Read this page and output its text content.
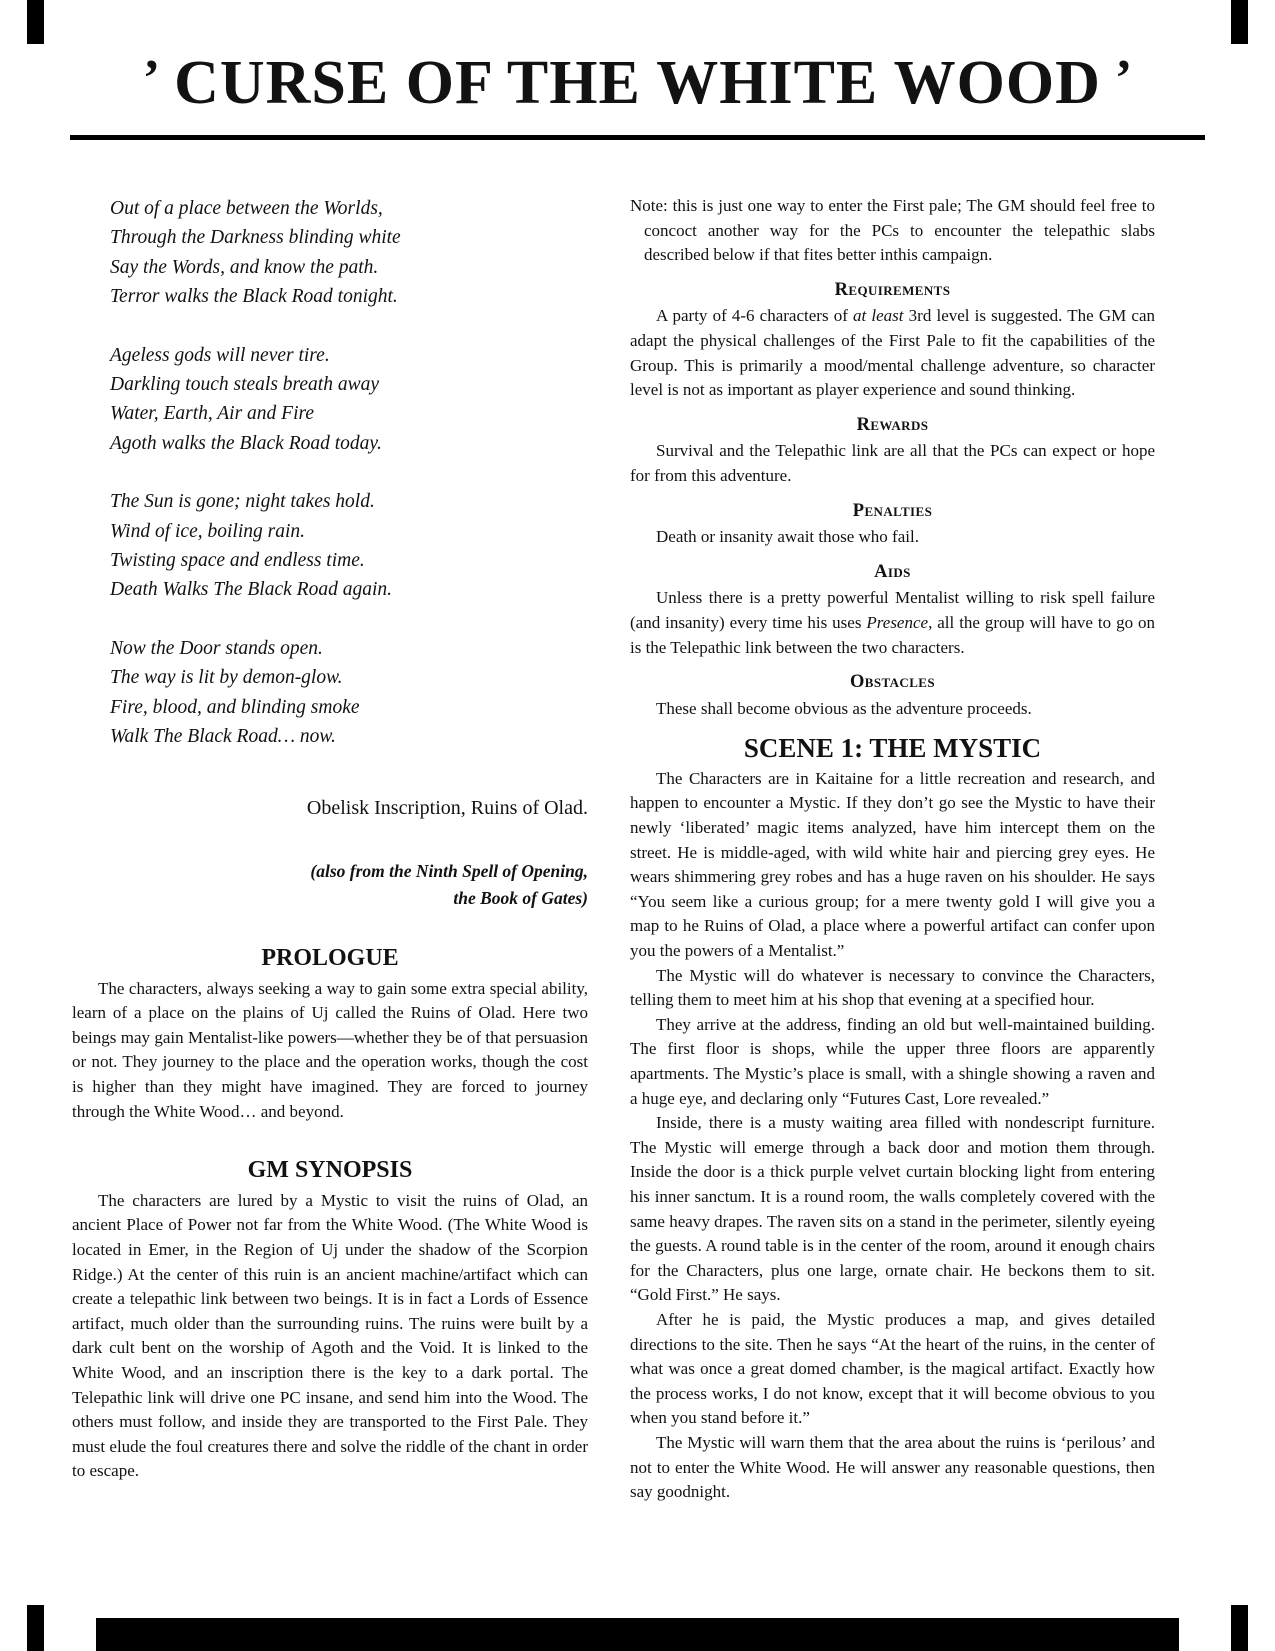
’ CURSE OF THE WHITE WOOD ’
Out of a place between the Worlds,
Through the Darkness blinding white
Say the Words, and know the path.
Terror walks the Black Road tonight.
Ageless gods will never tire.
Darkling touch steals breath away
Water, Earth, Air and Fire
Agoth walks the Black Road today.
The Sun is gone; night takes hold.
Wind of ice, boiling rain.
Twisting space and endless time.
Death Walks The Black Road again.
Now the Door stands open.
The way is lit by demon-glow.
Fire, blood, and blinding smoke
Walk The Black Road… now.
Obelisk Inscription, Ruins of Olad.
(also from the Ninth Spell of Opening,
the Book of Gates)
PROLOGUE

The characters, always seeking a way to gain some extra special ability, learn of a place on the plains of Uj called the Ruins of Olad. Here two beings may gain Mentalist-like powers—whether they be of that persuasion or not. They journey to the place and the operation works, though the cost is higher than they might have imagined. They are forced to journey through the White Wood… and beyond.

GM SYNOPSIS

The characters are lured by a Mystic to visit the ruins of Olad, an ancient Place of Power not far from the White Wood. (The White Wood is located in Emer, in the Region of Uj under the shadow of the Scorpion Ridge.) At the center of this ruin is an ancient machine/artifact which can create a telepathic link between two beings. It is in fact a Lords of Essence artifact, much older than the surrounding ruins. The ruins were built by a dark cult bent on the worship of Agoth and the Void. It is linked to the White Wood, and an inscription there is the key to a dark portal. The Telepathic link will drive one PC insane, and send him into the Wood. The others must follow, and inside they are transported to the First Pale. They must elude the foul creatures there and solve the riddle of the chant in order to escape.

Note: this is just one way to enter the First pale; The GM should feel free to concoct another way for the PCs to encounter the telepathic slabs described below if that fites better inthis campaign.

Requirements

A party of 4-6 characters of at least 3rd level is suggested. The GM can adapt the physical challenges of the First Pale to fit the capabilities of the Group. This is primarily a mood/mental challenge adventure, so character level is not as important as player experience and sound thinking.

Rewards

Survival and the Telepathic link are all that the PCs can expect or hope for from this adventure.

Penalties

Death or insanity await those who fail.

Aids

Unless there is a pretty powerful Mentalist willing to risk spell failure (and insanity) every time his uses Presence, all the group will have to go on is the Telepathic link between the two characters.

Obstacles

These shall become obvious as the adventure proceeds.

SCENE 1: THE MYSTIC

The Characters are in Kaitaine for a little recreation and research, and happen to encounter a Mystic. If they don’t go see the Mystic to have their newly ‘liberated’ magic items analyzed, have him intercept them on the street. He is middle-aged, with wild white hair and piercing grey eyes. He wears shimmering grey robes and has a huge raven on his shoulder. He says “You seem like a curious group; for a mere twenty gold I will give you a map to he Ruins of Olad, a place where a powerful artifact can confer upon you the powers of a Mentalist.”

The Mystic will do whatever is necessary to convince the Characters, telling them to meet him at his shop that evening at a specified hour.

They arrive at the address, finding an old but well-maintained building. The first floor is shops, while the upper three floors are apparently apartments. The Mystic’s place is small, with a shingle showing a raven and a huge eye, and declaring only “Futures Cast, Lore revealed.”

Inside, there is a musty waiting area filled with nondescript furniture. The Mystic will emerge through a back door and motion them through. Inside the door is a thick purple velvet curtain blocking light from entering his inner sanctum. It is a round room, the walls completely covered with the same heavy drapes. The raven sits on a stand in the perimeter, silently eyeing the guests. A round table is in the center of the room, around it enough chairs for the Characters, plus one large, ornate chair. He beckons them to sit. “Gold First.” He says.

After he is paid, the Mystic produces a map, and gives detailed directions to the site. Then he says “At the heart of the ruins, in the center of what was once a great domed chamber, is the magical artifact. Exactly how the process works, I do not know, except that it will become obvious to you when you stand before it.”

The Mystic will warn them that the area about the ruins is ‘perilous’ and not to enter the White Wood. He will answer any reasonable questions, then say goodnight.
